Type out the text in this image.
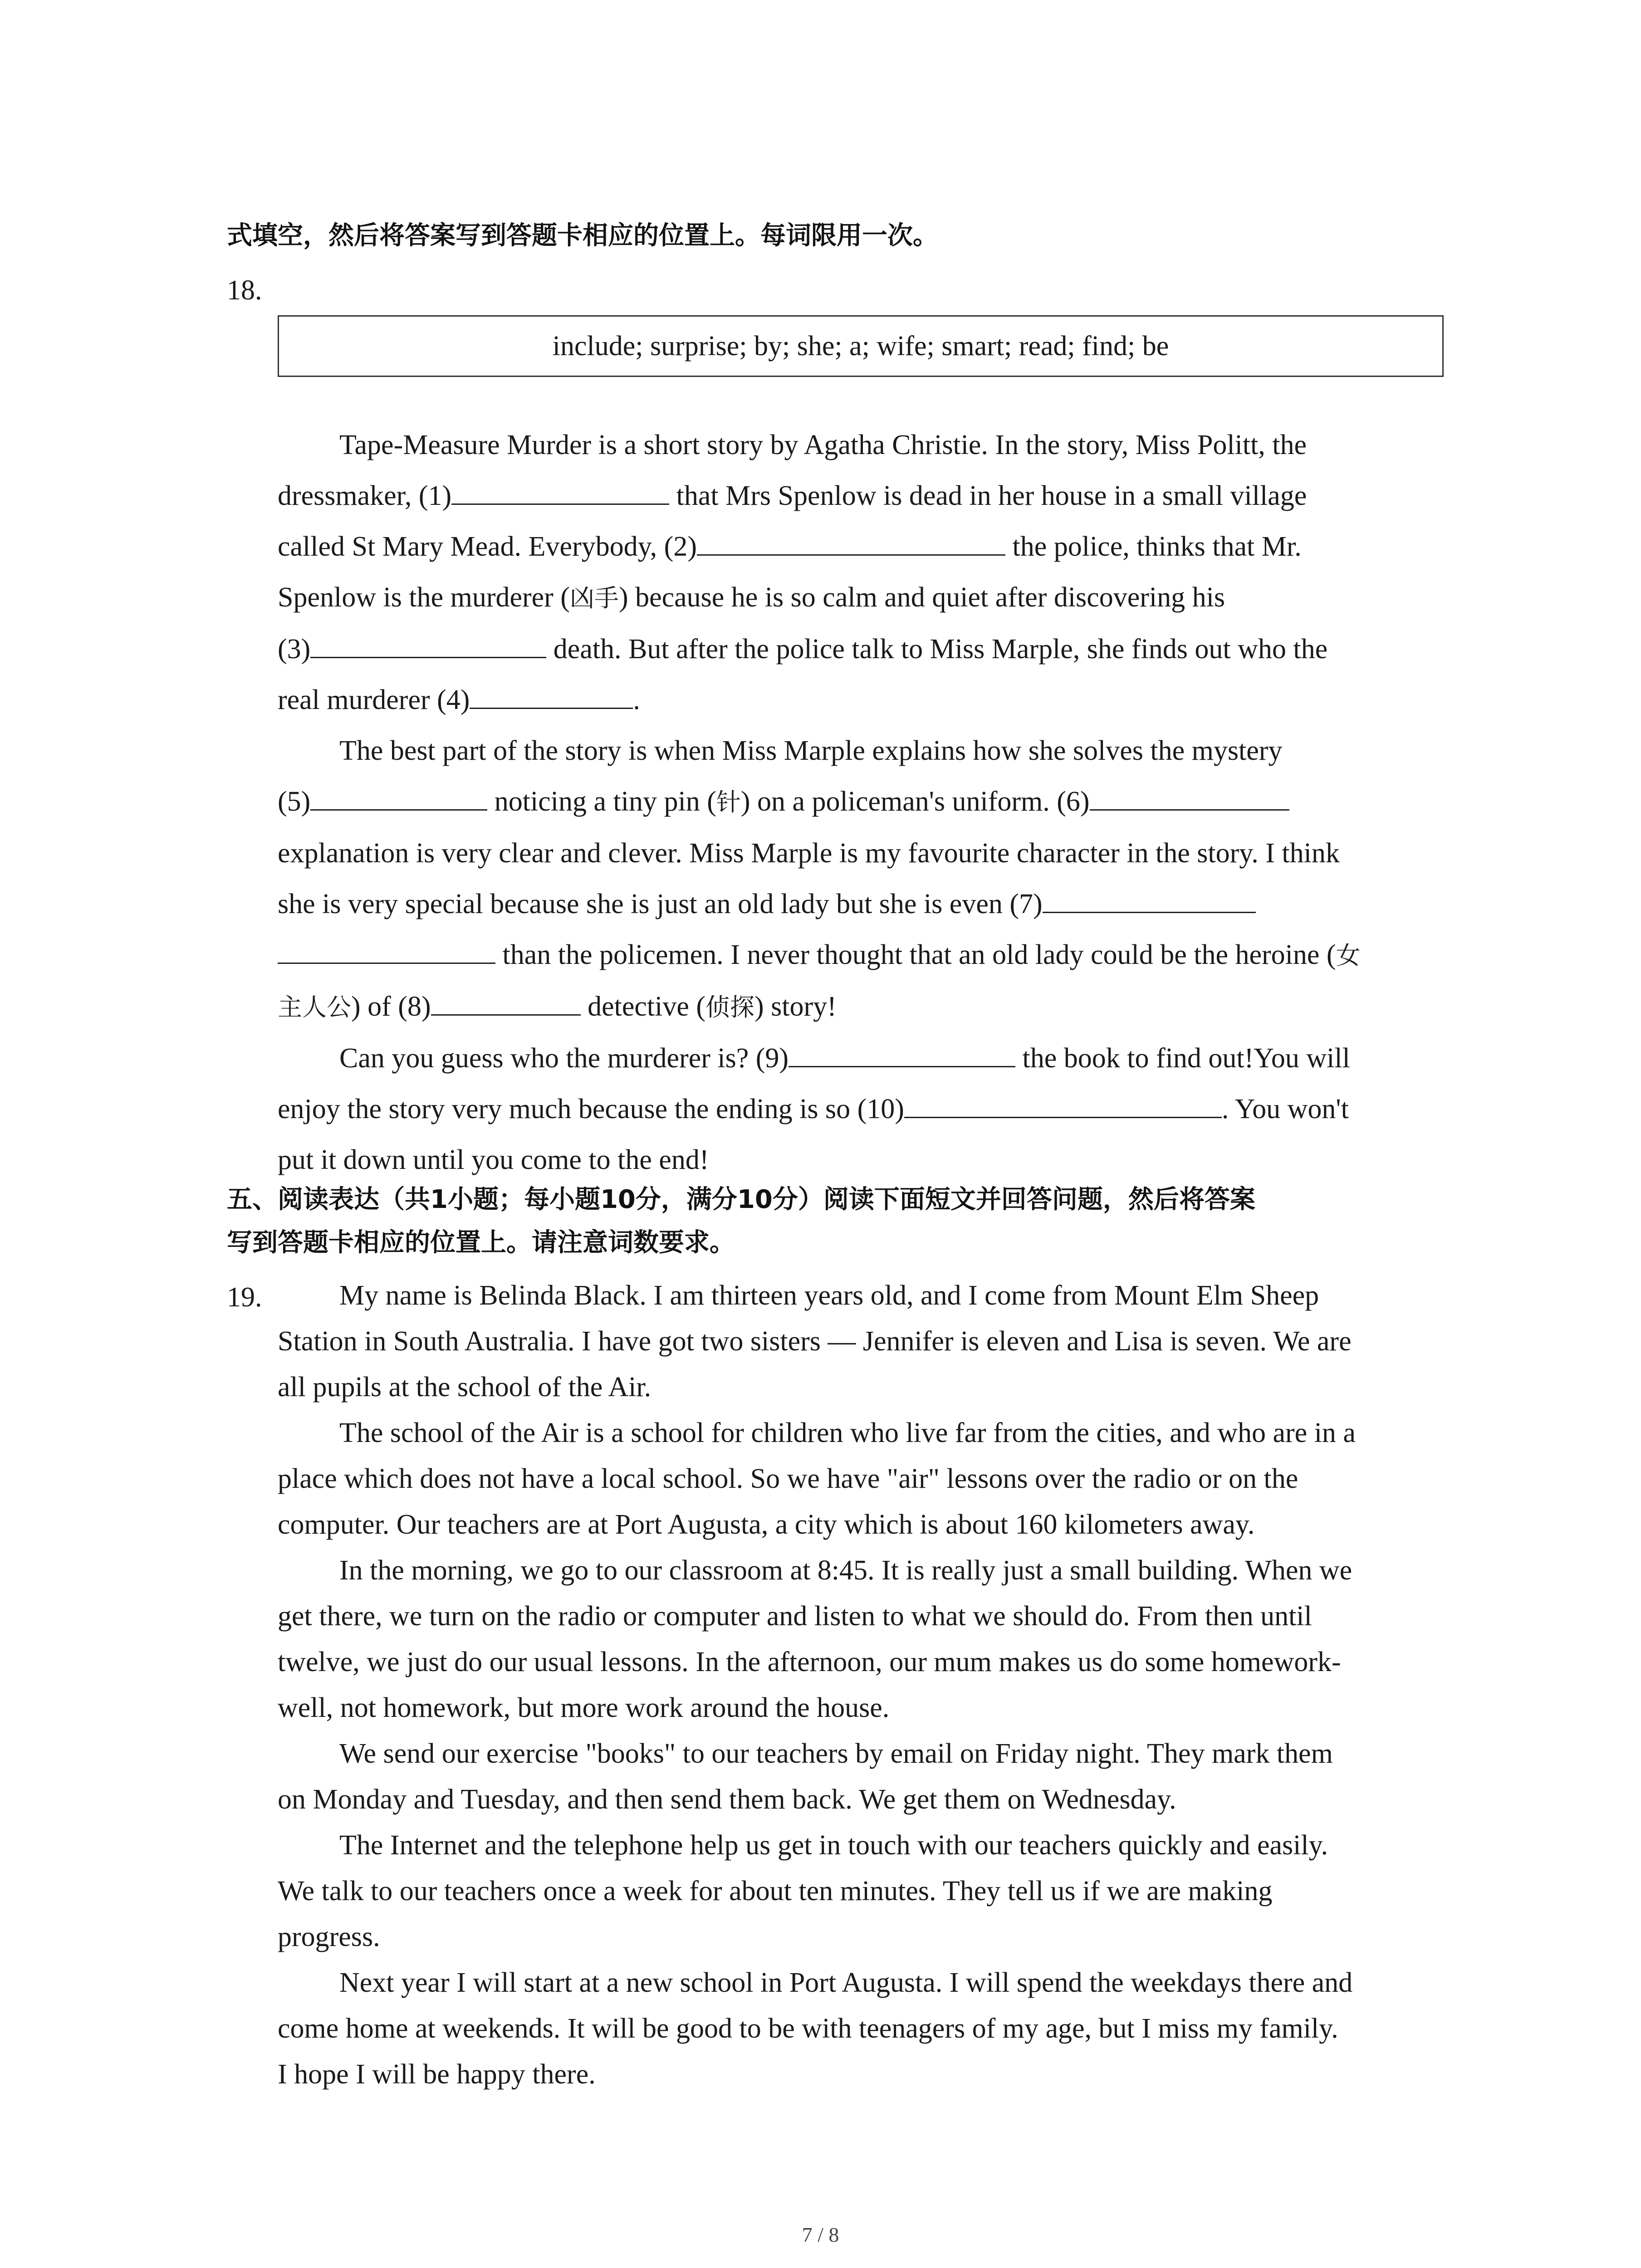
式填空，然后将答案写到答题卡相应的位置上。每词限用一次。
18.
include; surprise; by; she; a; wife; smart; read; find; be
Tape-Measure Murder is a short story by Agatha Christie. In the story, Miss Politt, the
dressmaker, (1)	that Mrs Spenlow is dead in her house in a small village
called St Mary Mead. Everybody, (2)	the police, thinks that Mr.
Spenlow is the murderer (凶手) because he is so calm and quiet after discovering his
(3)	death. But after the police talk to Miss Marple, she finds out who the
real murderer (4)	.
The best part of the story is when Miss Marple explains how she solves the mystery
(5)	noticing a tiny pin (针) on a policeman's uniform. (6)
explanation is very clear and clever. Miss Marple is my favourite character in the story. I think
she is very special because she is just an old lady but she is even (7)
than the policemen. I never thought that an old lady could be the heroine (女
主人公) of (8)	detective (侦探) story!
Can you guess who the murderer is? (9)	the book to find out!You will
enjoy the story very much because the ending is so (10)	. You won't
put it down until you come to the end!
五、阅读表达（共1小题；每小题10分，满分10分）阅读下面短文并回答问题，然后将答案
写到答题卡相应的位置上。请注意词数要求。
19.	My name is Belinda Black. I am thirteen years old, and I come from Mount Elm Sheep
Station in South Australia. I have got two sisters — Jennifer is eleven and Lisa is seven. We are
all pupils at the school of the Air.
The school of the Air is a school for children who live far from the cities, and who are in a
place which does not have a local school. So we have "air" lessons over the radio or on the
computer. Our teachers are at Port Augusta, a city which is about 160 kilometers away.
In the morning, we go to our classroom at 8:45. It is really just a small building. When we
get there, we turn on the radio or computer and listen to what we should do. From then until
twelve, we just do our usual lessons. In the afternoon, our mum makes us do some homework-
well, not homework, but more work around the house.
We send our exercise "books" to our teachers by email on Friday night. They mark them
on Monday and Tuesday, and then send them back. We get them on Wednesday.
The Internet and the telephone help us get in touch with our teachers quickly and easily.
We talk to our teachers once a week for about ten minutes. They tell us if we are making
progress.
Next year I will start at a new school in Port Augusta. I will spend the weekdays there and
come home at weekends. It will be good to be with teenagers of my age, but I miss my family.
I hope I will be happy there.
7 / 8
